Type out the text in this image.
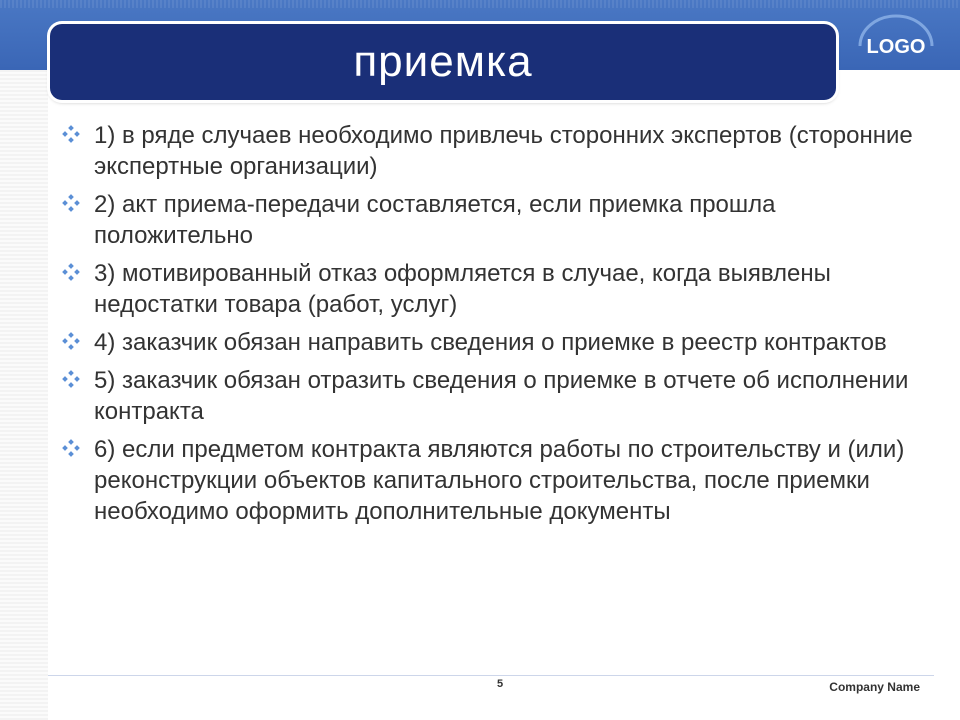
приемка	LOGO
1) в ряде случаев необходимо привлечь сторонних экспертов (сторонние экспертные организации)
2) акт приема-передачи составляется, если приемка прошла положительно
3) мотивированный отказ оформляется в случае, когда выявлены недостатки товара (работ, услуг)
4) заказчик обязан направить сведения о приемке в реестр контрактов
5) заказчик обязан отразить сведения о приемке в отчете об исполнении контракта
6) если предметом контракта являются работы по строительству и (или) реконструкции объектов капитального строительства, после приемки необходимо оформить дополнительные документы
5	Company Name
